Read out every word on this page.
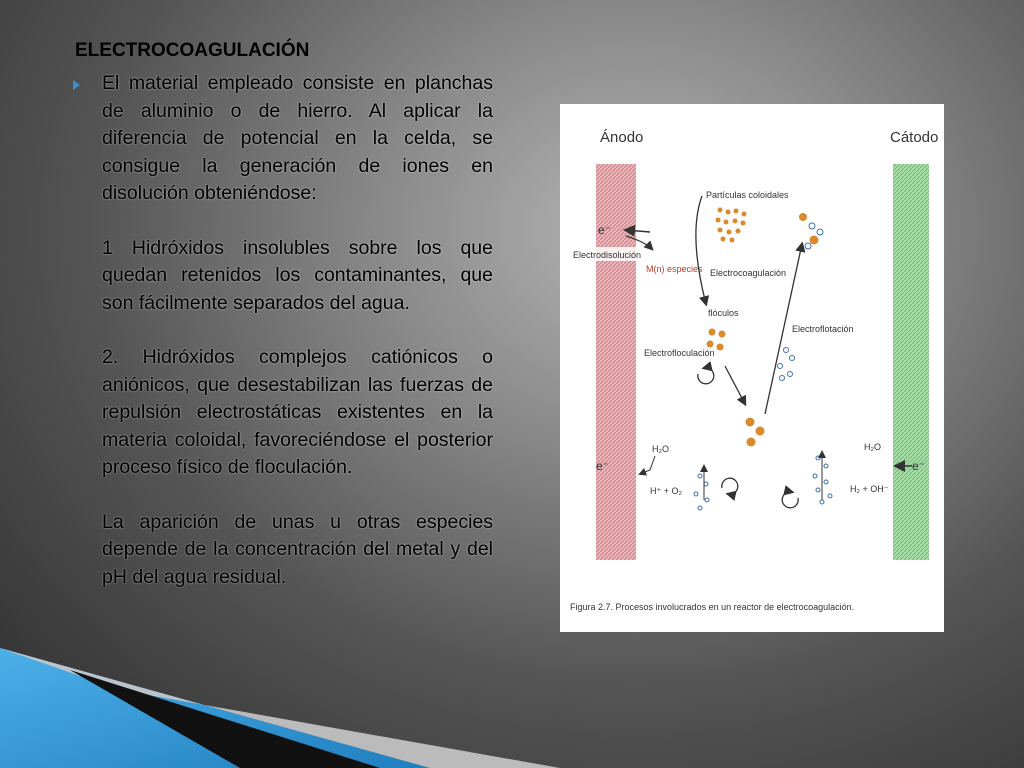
ELECTROCOAGULACIÓN

El material empleado consiste en planchas de aluminio o de hierro. Al aplicar la diferencia de potencial en la celda, se consigue la generación de iones en disolución obteniéndose:

1 Hidróxidos insolubles sobre los que quedan retenidos los contaminantes, que son fácilmente separados del agua.

2. Hidróxidos complejos catiónicos o aniónicos, que desestabilizan las fuerzas de repulsión electrostáticas existentes en la materia coloidal, favoreciéndose el posterior proceso físico de floculación.

La aparición de unas u otras especies depende de la concentración del metal y del pH del agua residual.

Ánodo	Cátodo
e⁻
Electrodisolución
M(n) especies
Partículas coloidales
Electrocoagulación
flóculos
Electroflotación
Electrofloculación
e⁻
H₂O
H⁺ + O₂
e⁻
H₂O
H₂ + OH⁻
Figura 2.7. Procesos involucrados en un reactor de electrocoagulación.
